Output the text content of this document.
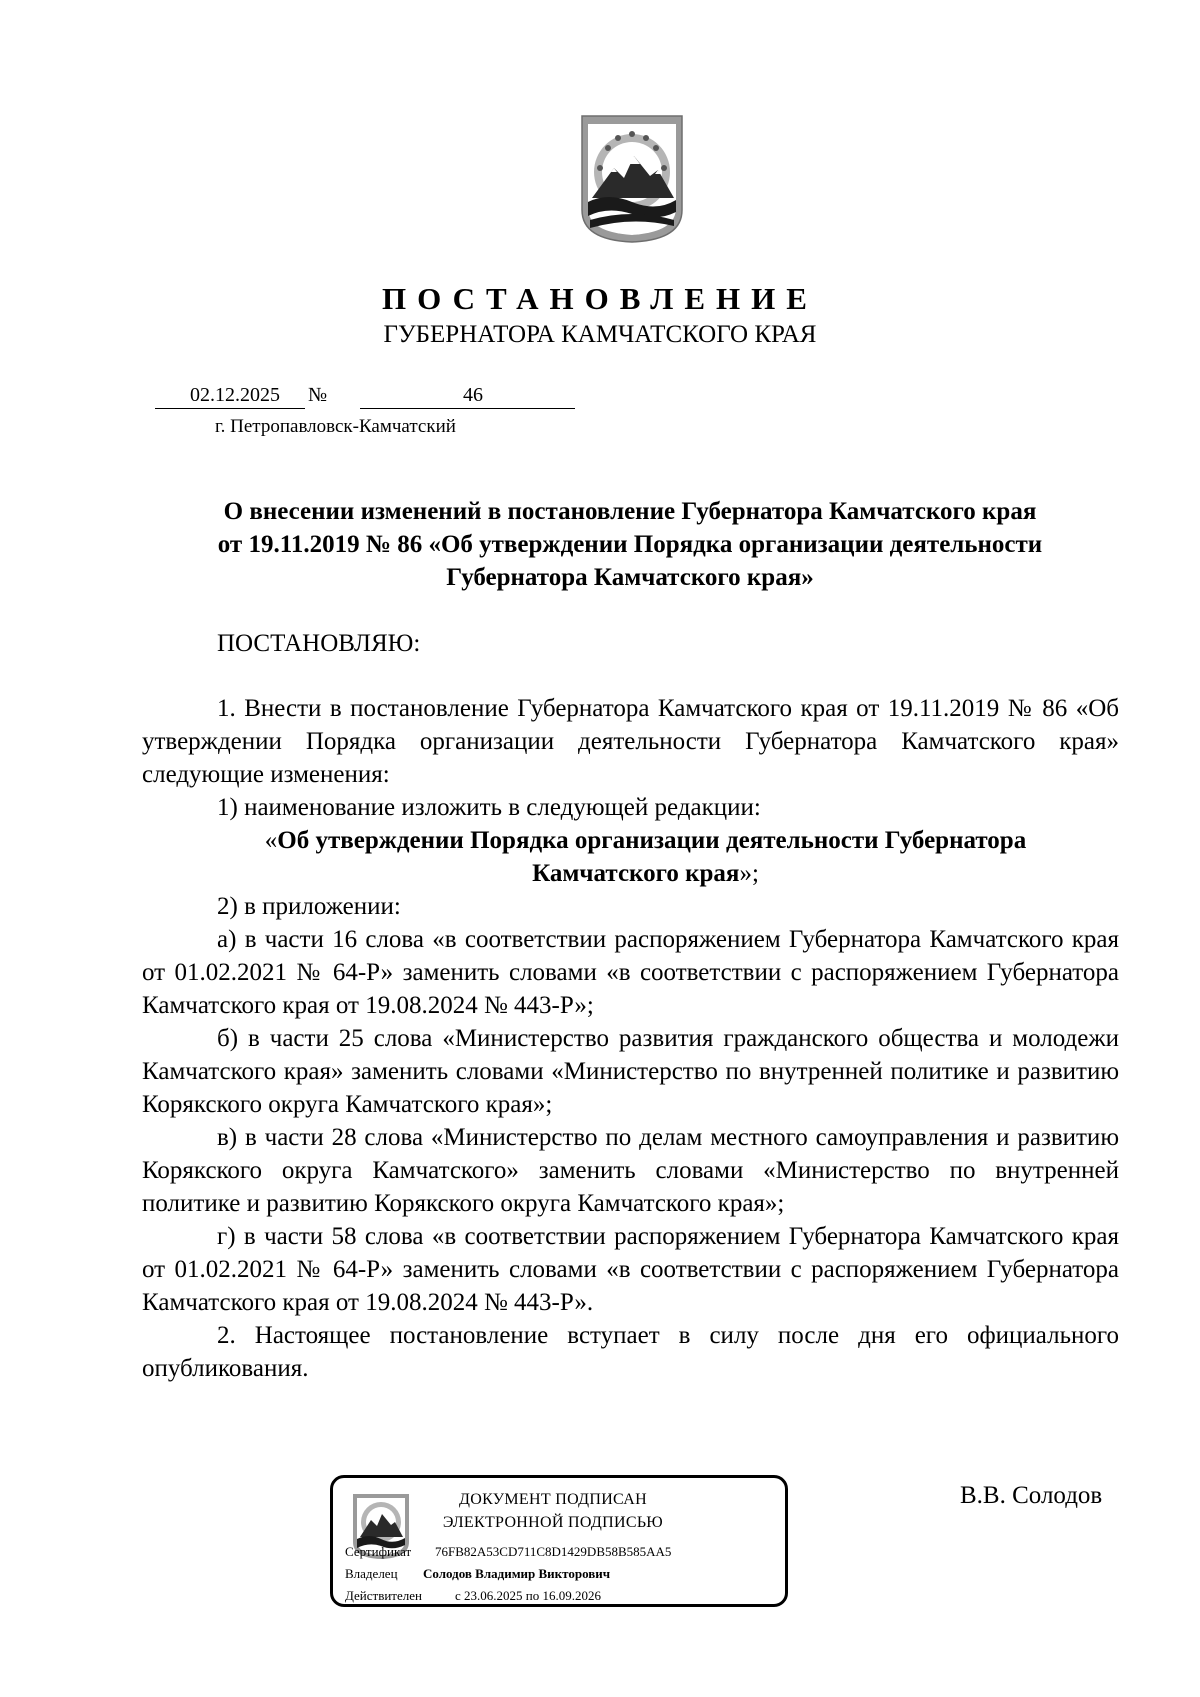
ПОСТАНОВЛЕНИЕ
ГУБЕРНАТОРА КАМЧАТСКОГО КРАЯ
02.12.2025 №	46
г. Петропавловск-Камчатский
О внесении изменений в постановление Губернатора Камчатского края
от 19.11.2019 № 86 «Об утверждении Порядка организации деятельности
Губернатора Камчатского края»
ПОСТАНОВЛЯЮ:

1. Внести в постановление Губернатора Камчатского края от 19.11.2019 № 86 «Об утверждении Порядка организации деятельности Губернатора Камчатского края» следующие изменения:

1) наименование изложить в следующей редакции:

«Об утверждении Порядка организации деятельности Губернатора

Камчатского края»;

2) в приложении:

а) в части 16 слова «в соответствии распоряжением Губернатора Камчатского края от 01.02.2021 № 64-Р» заменить словами «в соответствии с распоряжением Губернатора Камчатского края от 19.08.2024 № 443-Р»;

б) в части 25 слова «Министерство развития гражданского общества и молодежи Камчатского края» заменить словами «Министерство по внутренней политике и развитию Корякского округа Камчатского края»;

в) в части 28 слова «Министерство по делам местного самоуправления и развитию Корякского округа Камчатского» заменить словами «Министерство по внутренней политике и развитию Корякского округа Камчатского края»;

г) в части 58 слова «в соответствии распоряжением Губернатора Камчатского края от 01.02.2021 № 64-Р» заменить словами «в соответствии с распоряжением Губернатора Камчатского края от 19.08.2024 № 443-Р».

2. Настоящее постановление вступает в силу после дня его официального опубликования.

ДОКУМЕНТ ПОДПИСАН
ЭЛЕКТРОННОЙ ПОДПИСЬЮ
Сертификат 76FB82A53CD711C8D1429DB58B585AA5
Владелец Солодов Владимир Викторович
Действителен	с 23.06.2025 по 16.09.2026
В.В. Солодов
